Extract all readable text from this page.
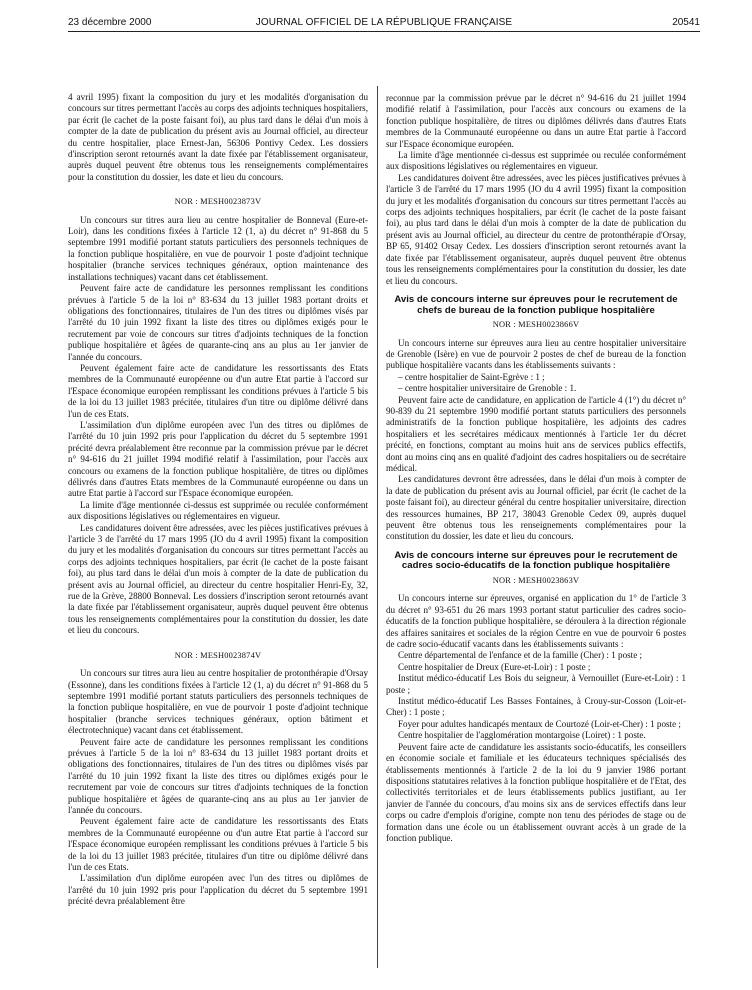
23 décembre 2000	JOURNAL OFFICIEL DE LA RÉPUBLIQUE FRANÇAISE	20541

4 avril 1995) fixant la composition du jury et les modalités d'organisation du concours sur titres permettant l'accès au corps des adjoints techniques hospitaliers, par écrit (le cachet de la poste faisant foi), au plus tard dans le délai d'un mois à compter de la date de publication du présent avis au Journal officiel, au directeur du centre hospitalier, place Ernest-Jan, 56306 Pontivy Cedex. Les dossiers d'inscription seront retournés avant la date fixée par l'établissement organisateur, auprès duquel peuvent être obtenus tous les renseignements complémentaires pour la constitution du dossier, les date et lieu du concours.

NOR : MESH0023873V

Un concours sur titres aura lieu au centre hospitalier de Bonneval (Eure-et-Loir), dans les conditions fixées à l'article 12 (1, a) du décret n° 91-868 du 5 septembre 1991 modifié portant statuts particuliers des personnels techniques de la fonction publique hospitalière, en vue de pourvoir 1 poste d'adjoint technique hospitalier (branche services techniques généraux, option maintenance des installations techniques) vacant dans cet établissement.

Peuvent faire acte de candidature les personnes remplissant les conditions prévues à l'article 5 de la loi n° 83-634 du 13 juillet 1983 portant droits et obligations des fonctionnaires, titulaires de l'un des titres ou diplômes visés par l'arrêté du 10 juin 1992 fixant la liste des titres ou diplômes exigés pour le recrutement par voie de concours sur titres d'adjoints techniques de la fonction publique hospitalière et âgées de quarante-cinq ans au plus au 1er janvier de l'année du concours.

Peuvent également faire acte de candidature les ressortissants des Etats membres de la Communauté européenne ou d'un autre Etat partie à l'accord sur l'Espace économique européen remplissant les conditions prévues à l'article 5 bis de la loi du 13 juillet 1983 précitée, titulaires d'un titre ou diplôme délivré dans l'un de ces Etats.

L'assimilation d'un diplôme européen avec l'un des titres ou diplômes de l'arrêté du 10 juin 1992 pris pour l'application du décret du 5 septembre 1991 précité devra préalablement être reconnue par la commission prévue par le décret n° 94-616 du 21 juillet 1994 modifié relatif à l'assimilation, pour l'accès aux concours ou examens de la fonction publique hospitalière, de titres ou diplômes délivrés dans d'autres Etats membres de la Communauté européenne ou dans un autre Etat partie à l'accord sur l'Espace économique européen.

La limite d'âge mentionnée ci-dessus est supprimée ou reculée conformément aux dispositions législatives ou réglementaires en vigueur.

Les candidatures doivent être adressées, avec les pièces justificatives prévues à l'article 3 de l'arrêté du 17 mars 1995 (JO du 4 avril 1995) fixant la composition du jury et les modalités d'organisation du concours sur titres permettant l'accès au corps des adjoints techniques hospitaliers, par écrit (le cachet de la poste faisant foi), au plus tard dans le délai d'un mois à compter de la date de publication du présent avis au Journal officiel, au directeur du centre hospitalier Henri-Ey, 32, rue de la Grève, 28800 Bonneval. Les dossiers d'inscription seront retournés avant la date fixée par l'établissement organisateur, auprès duquel peuvent être obtenus tous les renseignements complémentaires pour la constitution du dossier, les date et lieu du concours.

NOR : MESH0023874V

Un concours sur titres aura lieu au centre hospitalier de protonthérapie d'Orsay (Essonne), dans les conditions fixées à l'article 12 (1, a) du décret n° 91-868 du 5 septembre 1991 modifié portant statuts particuliers des personnels techniques de la fonction publique hospitalière, en vue de pourvoir 1 poste d'adjoint technique hospitalier (branche services techniques généraux, option bâtiment et électrotechnique) vacant dans cet établissement.

Peuvent faire acte de candidature les personnes remplissant les conditions prévues à l'article 5 de la loi n° 83-634 du 13 juillet 1983 portant droits et obligations des fonctionnaires, titulaires de l'un des titres ou diplômes visés par l'arrêté du 10 juin 1992 fixant la liste des titres ou diplômes exigés pour le recrutement par voie de concours sur titres d'adjoints techniques de la fonction publique hospitalière et âgées de quarante-cinq ans au plus au 1er janvier de l'année du concours.

Peuvent également faire acte de candidature les ressortissants des Etats membres de la Communauté européenne ou d'un autre Etat partie à l'accord sur l'Espace économique européen remplissant les conditions prévues à l'article 5 bis de la loi du 13 juillet 1983 précitée, titulaires d'un titre ou diplôme délivré dans l'un de ces Etats.

L'assimilation d'un diplôme européen avec l'un des titres ou diplômes de l'arrêté du 10 juin 1992 pris pour l'application du décret du 5 septembre 1991 précité devra préalablement être

reconnue par la commission prévue par le décret n° 94-616 du 21 juillet 1994 modifié relatif à l'assimilation, pour l'accès aux concours ou examens de la fonction publique hospitalière, de titres ou diplômes délivrés dans d'autres Etats membres de la Communauté européenne ou dans un autre Etat partie à l'accord sur l'Espace économique européen.

La limite d'âge mentionnée ci-dessus est supprimée ou reculée conformément aux dispositions législatives ou réglementaires en vigueur.

Les candidatures doivent être adressées, avec les pièces justificatives prévues à l'article 3 de l'arrêté du 17 mars 1995 (JO du 4 avril 1995) fixant la composition du jury et les modalités d'organisation du concours sur titres permettant l'accès au corps des adjoints techniques hospitaliers, par écrit (le cachet de la poste faisant foi), au plus tard dans le délai d'un mois à compter de la date de publication du présent avis au Journal officiel, au directeur du centre de protonthérapie d'Orsay, BP 65, 91402 Orsay Cedex. Les dossiers d'inscription seront retournés avant la date fixée par l'établissement organisateur, auprès duquel peuvent être obtenus tous les renseignements complémentaires pour la constitution du dossier, les date et lieu du concours.

Avis de concours interne sur épreuves pour le recrutement de chefs de bureau de la fonction publique hospitalière
NOR : MESH0023866V

Un concours interne sur épreuves aura lieu au centre hospitalier universitaire de Grenoble (Isère) en vue de pourvoir 2 postes de chef de bureau de la fonction publique hospitalière vacants dans les établissements suivants :

– centre hospitalier de Saint-Egrève : 1 ;

– centre hospitalier universitaire de Grenoble : 1.

Peuvent faire acte de candidature, en application de l'article 4 (1°) du décret n° 90-839 du 21 septembre 1990 modifié portant statuts particuliers des personnels administratifs de la fonction publique hospitalière, les adjoints des cadres hospitaliers et les secrétaires médicaux mentionnés à l'article 1er du décret précité, en fonctions, comptant au moins huit ans de services publics effectifs, dont au moins cinq ans en qualité d'adjoint des cadres hospitaliers ou de secrétaire médical.

Les candidatures devront être adressées, dans le délai d'un mois à compter de la date de publication du présent avis au Journal officiel, par écrit (le cachet de la poste faisant foi), au directeur général du centre hospitalier universitaire, direction des ressources humaines, BP 217, 38043 Grenoble Cedex 09, auprès duquel peuvent être obtenus tous les renseignements complémentaires pour la constitution du dossier, les date et lieu du concours.

Avis de concours interne sur épreuves pour le recrutement de cadres socio-éducatifs de la fonction publique hospitalière
NOR : MESH0023863V

Un concours interne sur épreuves, organisé en application du 1° de l'article 3 du décret n° 93-651 du 26 mars 1993 portant statut particulier des cadres socio-éducatifs de la fonction publique hospitalière, se déroulera à la direction régionale des affaires sanitaires et sociales de la région Centre en vue de pourvoir 6 postes de cadre socio-éducatif vacants dans les établissements suivants :

Centre départemental de l'enfance et de la famille (Cher) : 1 poste ;

Centre hospitalier de Dreux (Eure-et-Loir) : 1 poste ;

Institut médico-éducatif Les Bois du seigneur, à Vernouillet (Eure-et-Loir) : 1 poste ;

Institut médico-éducatif Les Basses Fontaines, à Crouy-sur-Cosson (Loir-et-Cher) : 1 poste ;

Foyer pour adultes handicapés mentaux de Courtozé (Loir-et-Cher) : 1 poste ;

Centre hospitalier de l'agglomération montargoise (Loiret) : 1 poste.

Peuvent faire acte de candidature les assistants socio-éducatifs, les conseillers en économie sociale et familiale et les éducateurs techniques spécialisés des établissements mentionnés à l'article 2 de la loi du 9 janvier 1986 portant dispositions statutaires relatives à la fonction publique hospitalière et de l'Etat, des collectivités territoriales et de leurs établissements publics justifiant, au 1er janvier de l'année du concours, d'au moins six ans de services effectifs dans leur corps ou cadre d'emplois d'origine, compte non tenu des périodes de stage ou de formation dans une école ou un établissement ouvrant accès à un grade de la fonction publique.
